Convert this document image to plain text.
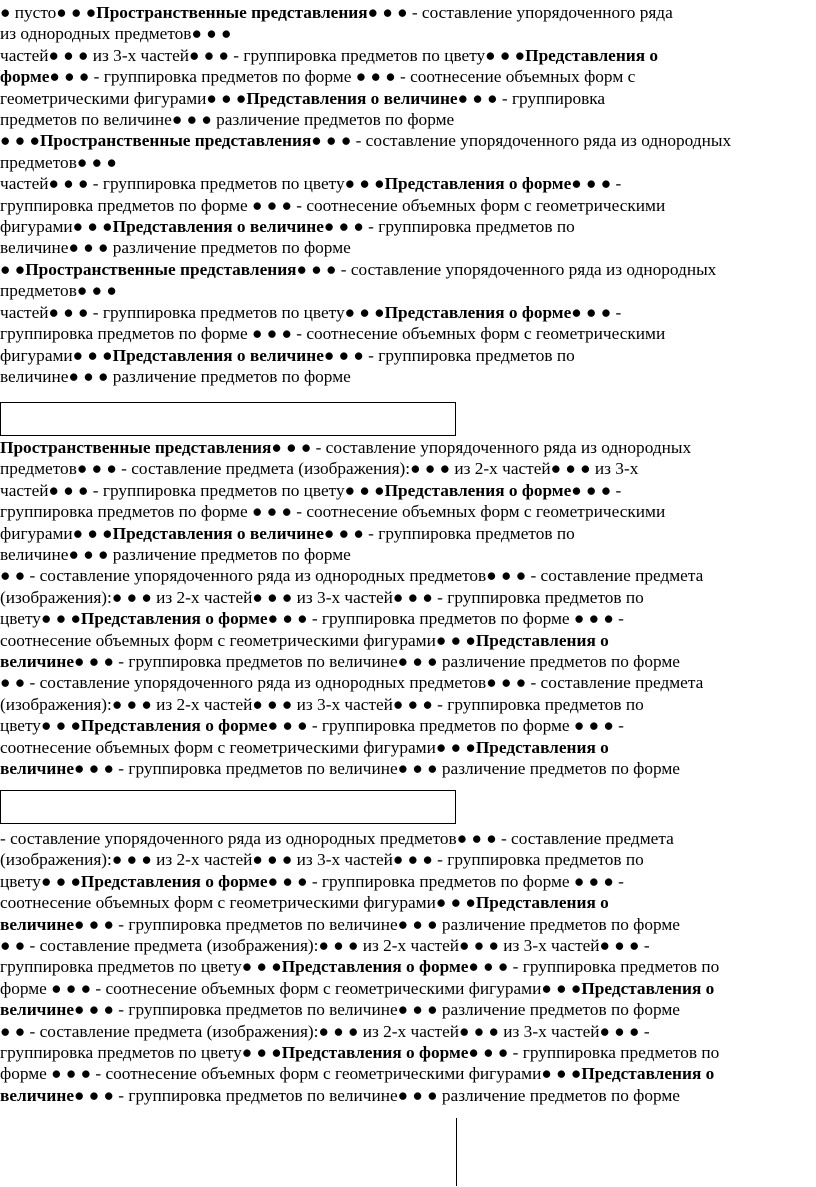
● пусто● ● ●Пространственные представления● ● ● - составление упорядоченного ряда
из однородных предметов● ● ●
частей● ● ● из 3-х частей● ● ● - группировка предметов по цвету● ● ●Представления о
форме● ● ● - группировка предметов по форме ● ● ● - соотнесение объемных форм с
геометрическими фигурами● ● ●Представления о величине● ● ● - группировка
предметов по величине● ● ● различение предметов по форме
● ● ●Пространственные представления● ● ● - составление упорядоченного ряда из однородных
предметов● ● ●
частей● ● ● - группировка предметов по цвету● ● ●Представления о форме● ● ● -
группировка предметов по форме ● ● ● - соотнесение объемных форм с геометрическими
фигурами● ● ●Представления о величине● ● ● - группировка предметов по
величине● ● ● различение предметов по форме
● ●Пространственные представления● ● ● - составление упорядоченного ряда из однородных
предметов● ● ●
частей● ● ● - группировка предметов по цвету● ● ●Представления о форме● ● ● -
группировка предметов по форме ● ● ● - соотнесение объемных форм с геометрическими
фигурами● ● ●Представления о величине● ● ● - группировка предметов по
величине● ● ● различение предметов по форме
Пространственные представления● ● ● - составление упорядоченного ряда из однородных
предметов● ● ● - составление предмета (изображения):● ● ● из 2-х частей● ● ● из 3-х
частей● ● ● - группировка предметов по цвету● ● ●Представления о форме● ● ● -
группировка предметов по форме ● ● ● - соотнесение объемных форм с геометрическими
фигурами● ● ●Представления о величине● ● ● - группировка предметов по
величине● ● ● различение предметов по форме
● ● - составление упорядоченного ряда из однородных предметов● ● ● - составление предмета
(изображения):● ● ● из 2-х частей● ● ● из 3-х частей● ● ● - группировка предметов по
цвету● ● ●Представления о форме● ● ● - группировка предметов по форме ● ● ● -
соотнесение объемных форм с геометрическими фигурами● ● ●Представления о
величине● ● ● - группировка предметов по величине● ● ● различение предметов по форме
● ● - составление упорядоченного ряда из однородных предметов● ● ● - составление предмета
(изображения):● ● ● из 2-х частей● ● ● из 3-х частей● ● ● - группировка предметов по
цвету● ● ●Представления о форме● ● ● - группировка предметов по форме ● ● ● -
соотнесение объемных форм с геометрическими фигурами● ● ●Представления о
величине● ● ● - группировка предметов по величине● ● ● различение предметов по форме
- составление упорядоченного ряда из однородных предметов● ● ● - составление предмета
(изображения):● ● ● из 2-х частей● ● ● из 3-х частей● ● ● - группировка предметов по
цвету● ● ●Представления о форме● ● ● - группировка предметов по форме ● ● ● -
соотнесение объемных форм с геометрическими фигурами● ● ●Представления о
величине● ● ● - группировка предметов по величине● ● ● различение предметов по форме
● ● - составление предмета (изображения):● ● ● из 2-х частей● ● ● из 3-х частей● ● ● -
группировка предметов по цвету● ● ●Представления о форме● ● ● - группировка предметов по
форме ● ● ● - соотнесение объемных форм с геометрическими фигурами● ● ●Представления о
величине● ● ● - группировка предметов по величине● ● ● различение предметов по форме
● ● - составление предмета (изображения):● ● ● из 2-х частей● ● ● из 3-х частей● ● ● -
группировка предметов по цвету● ● ●Представления о форме● ● ● - группировка предметов по
форме ● ● ● - соотнесение объемных форм с геометрическими фигурами● ● ●Представления о
величине● ● ● - группировка предметов по величине● ● ● различение предметов по форме
